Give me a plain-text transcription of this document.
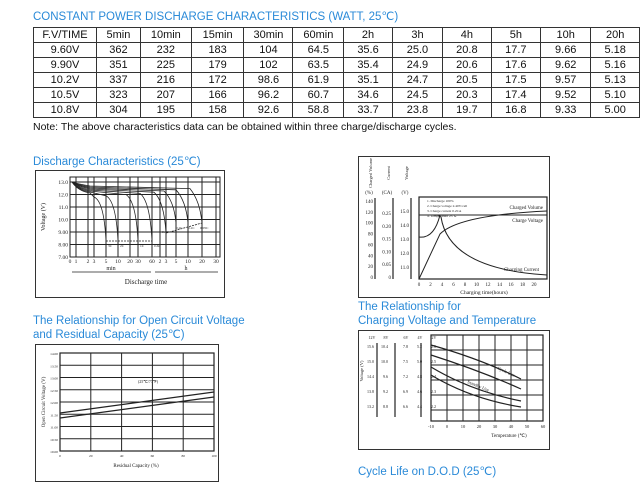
CONSTANT POWER DISCHARGE CHARACTERISTICS (WATT, 25℃)
F.V/TIME	5min	10min	15min	30min	60min	2h	3h	4h	5h	10h	20h
9.60V	362	232	183	104	64.5	35.6	25.0	20.8	17.7	9.66	5.18
9.90V	351	225	179	102	63.5	35.4	24.9	20.6	17.6	9.62	5.16
10.2V	337	216	172	98.6	61.9	35.1	24.7	20.5	17.5	9.57	5.13
10.5V	323	207	166	96.2	60.7	34.6	24.5	20.3	17.4	9.52	5.10
10.8V	304	195	158	92.6	58.8	33.7	23.8	19.7	16.8	9.33	5.00
Note: The above characteristics data can be obtained within three charge/discharge cycles.
Discharge Characteristics (25℃)
13.0
12.0
11.0
10.0
9.00
8.00
7.00
0 1 2 3 5 10 20 30 60 2 3 5 10 20 30
min	h
Discharge time
Voltage (V)
3C 2C	1C	0.6C
0.4C
0.2C 0.1C 0.05C
Charged Volume
(%)
Current
(CA)
Voltage
(V)
140
120
100
80
60
40
20
0
0.25
0.20
0.15
0.10
0.05
0
15.0
14.0
13.0
12.0
11.0
0 2 4 6 8 10 12 14 16 18 20
Charging time(hours)
1. Discharge 100%
2. Charge voltage 2.40V/cell
3. Charge current 0.2CA
4. Temperature 25℃
Charged Volume
Charge Voltage
Charging Current
The Relationship for Open Circuit Voltage
and Residual Capacity (25℃)
14.00
13.50
13.00
12.50
12.00
11.50
11.00
10.50
10.00
0	20	40	60	80	100
Residual Capacity (%)
Open Circuit Voltage (V)	(25℃/77℉)
The Relationship for
Charging Voltage and Temperature
12V 8V	6V 4V 2V
15.6 10.4	7.8 5.2 2.6
15.0 10.0	7.5 5.0 2.5
14.4 9.6	7.2 4.8 2.4
13.8 9.2	6.9 4.6 2.3
13.2 8.8	6.6 4.4 2.2
Voltage (V)
-10	0	10	20	30	40	50	60
Temperature (℃)
Cycle Use
Standby Use
Cycle Life on D.O.D (25℃)
